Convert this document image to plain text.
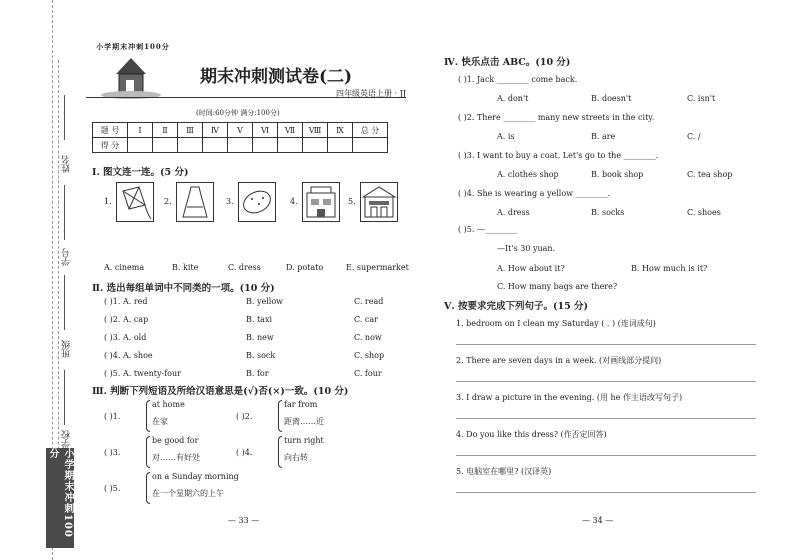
姓名
学号
班级
学校
小学期末冲刺100分
小学期末冲刺100分
期末冲刺测试卷(二)
四年级英语上册 · JJ
(时间:60分钟 满分:100分)
题 号	Ⅰ	Ⅱ	Ⅲ	Ⅳ	Ⅴ	Ⅵ	Ⅶ	Ⅷ	Ⅸ	总 分
得 分										
Ⅰ. 图文连一连。(5 分)
1.	2.	3.	4.	5.
A. cinema	B. kite	C. dress	D. potato	E. supermarket
Ⅱ. 选出每组单词中不同类的一项。(10 分)
( )1. A. red	B. yellow	C. read
( )2. A. cap	B. taxi	C. car
( )3. A. old	B. new	C. now
( )4. A. shoe	B. sock	C. shop
( )5. A. twenty-four	B. for	C. four
Ⅲ. 判断下列短语及所给汉语意思是(√)否(×)一致。(10 分)
( )1.
at home
在家
( )2.
far from
距离……近
( )3.
be good for
对……有好处
( )4.
turn right
向右转
( )5.
on a Sunday morning
在一个星期六的上午
— 33 —
Ⅳ. 快乐点击 ABC。(10 分)
( )1. Jack ________ come back.
A. don't	B. doesn't	C. isn't
( )2. There ________ many new streets in the city.
A. is	B. are	C. /
( )3. I want to buy a coat. Let's go to the ________.
A. clothes shop	B. book shop	C. tea shop
( )4. She is wearing a yellow ________.
A. dress	B. socks	C. shoes
( )5. —________
—It's 30 yuan.
A. How about it?	B. How much is it?
C. How many bags are there?
Ⅴ. 按要求完成下列句子。(15 分)
1. bedroom on I clean my Saturday ( . ) (连词成句)
2. There are seven days in a week. (对画线部分提问)
3. I draw a picture in the evening. (用 he 作主语改写句子)
4. Do you like this dress? (作否定回答)
5. 电脑室在哪里? (汉译英)
— 34 —
